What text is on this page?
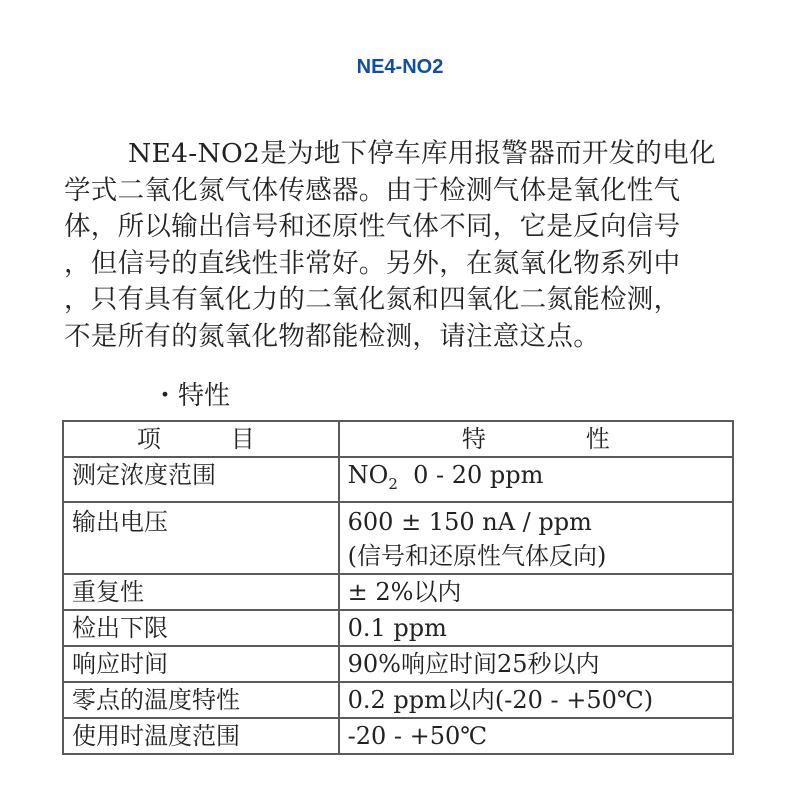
NE4-NO2
NE4-NO2是为地下停车库用报警器而开发的电化
学式二氧化氮气体传感器。由于检测气体是氧化性气
体，所以输出信号和还原性气体不同，它是反向信号
，但信号的直线性非常好。另外，在氮氧化物系列中
，只有具有氧化力的二氧化氮和四氧化二氮能检测，
不是所有的氮氧化物都能检测，请注意这点。
・特性
项目	特性
测定浓度范围	$NO_2$  0 - 20 ppm
输出电压	600 ± 150 nA / ppm
(信号和还原性气体反向)

重复性	± 2%以内
检出下限	0.1 ppm
响应时间	90%响应时间25秒以内
零点的温度特性	0.2 ppm以内(-20 - +50℃)
使用时温度范围	-20 - +50℃
